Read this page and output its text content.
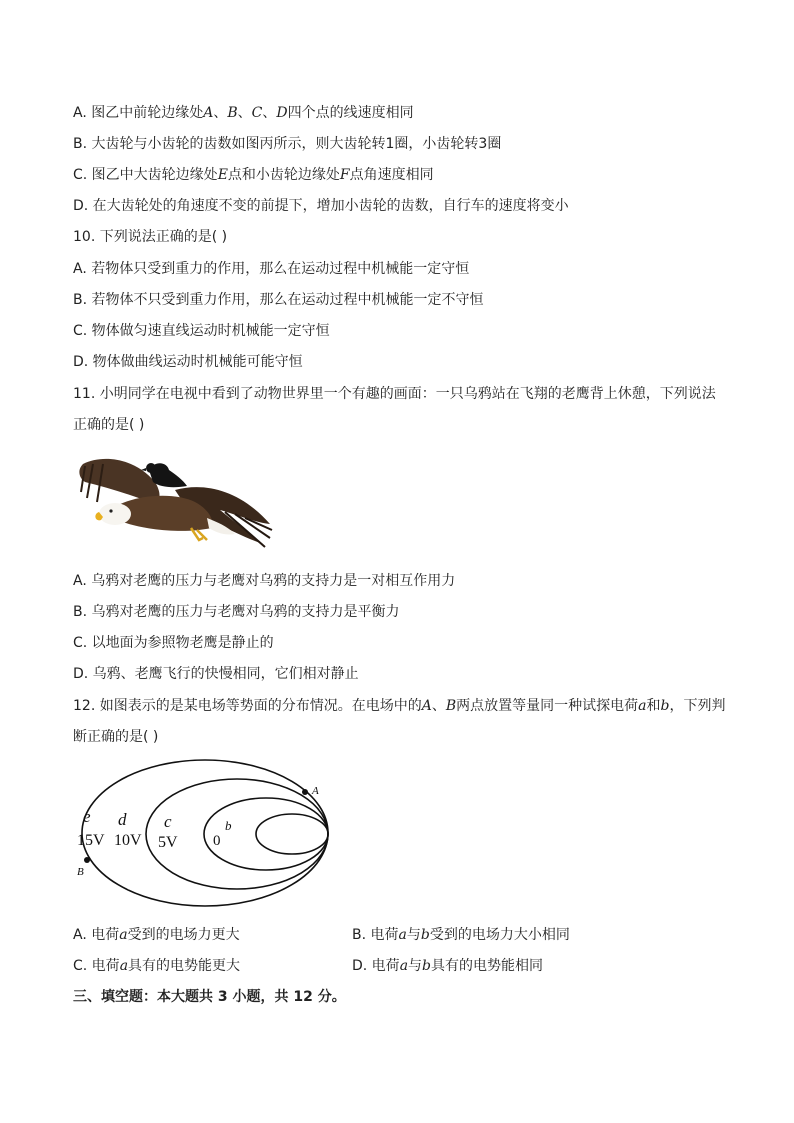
A. 图乙中前轮边缘处A、B、C、D四个点的线速度相同
B. 大齿轮与小齿轮的齿数如图丙所示，则大齿轮转1圈，小齿轮转3圈
C. 图乙中大齿轮边缘处E点和小齿轮边缘处F点角速度相同
D. 在大齿轮处的角速度不变的前提下，增加小齿轮的齿数，自行车的速度将变小
10. 下列说法正确的是( )
A. 若物体只受到重力的作用，那么在运动过程中机械能一定守恒
B. 若物体不只受到重力作用，那么在运动过程中机械能一定不守恒
C. 物体做匀速直线运动时机械能一定守恒
D. 物体做曲线运动时机械能可能守恒
11. 小明同学在电视中看到了动物世界里一个有趣的画面：一只乌鸦站在飞翔的老鹰背上休憩，下列说法
正确的是( )
A. 乌鸦对老鹰的压力与老鹰对乌鸦的支持力是一对相互作用力
B. 乌鸦对老鹰的压力与老鹰对乌鸦的支持力是平衡力
C. 以地面为参照物老鹰是静止的
D. 乌鸦、老鹰飞行的快慢相同，它们相对静止
12. 如图表示的是某电场等势面的分布情况。在电场中的A、B两点放置等量同一种试探电荷a和b，下列判
断正确的是( )
A
B
b
e d c
15V 10V 5V 0
A. 电荷a受到的电场力更大	B. 电荷a与b受到的电场力大小相同
C. 电荷a具有的电势能更大	D. 电荷a与b具有的电势能相同
三、填空题：本大题共 3 小题，共 12 分。
